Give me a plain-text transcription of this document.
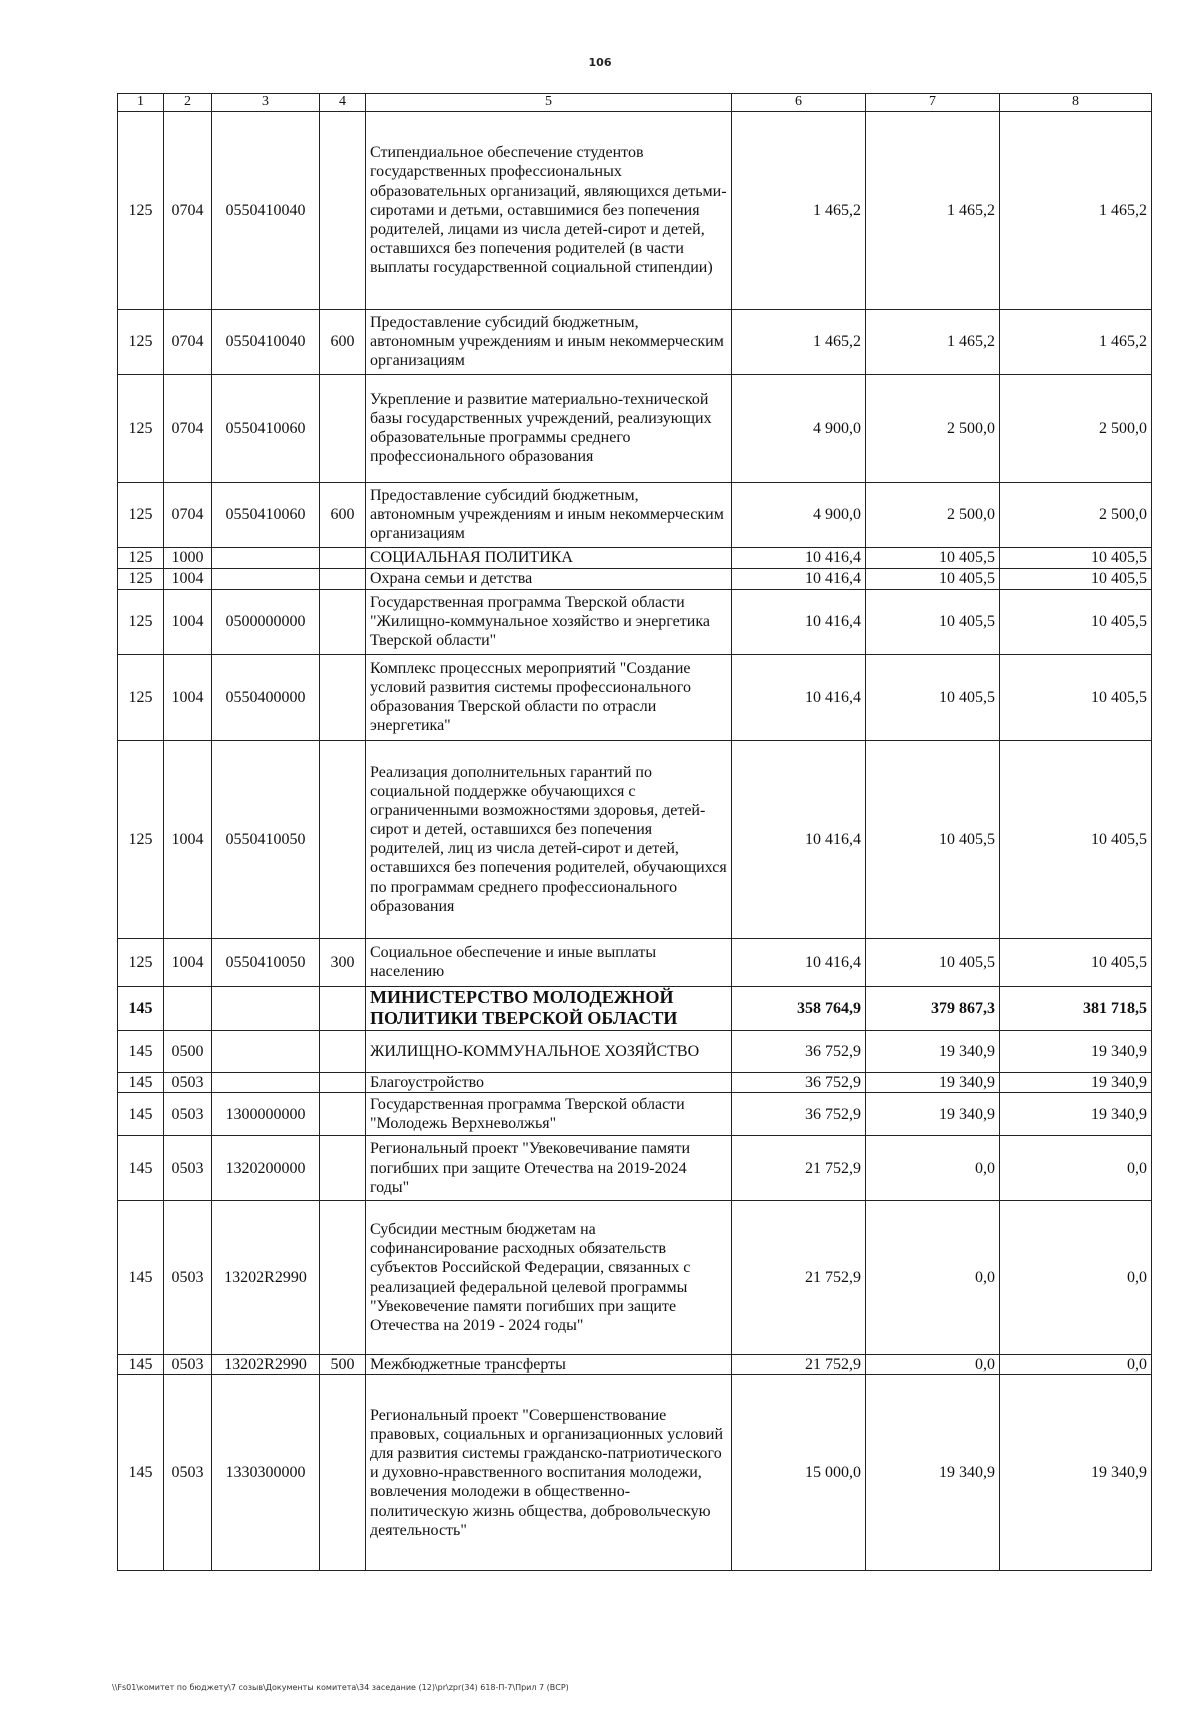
106
1	2	3	4	5	6	7	8
125	0704	0550410040		Стипендиальное обеспечение студентов государственных профессиональных образовательных организаций, являющихся детьми-сиротами и детьми, оставшимися без попечения родителей, лицами из числа детей-сирот и детей, оставшихся без попечения родителей (в части выплаты государственной социальной стипендии)	1 465,2	1 465,2	1 465,2
125	0704	0550410040	600	Предоставление субсидий бюджетным, автономным учреждениям и иным некоммерческим организациям	1 465,2	1 465,2	1 465,2
125	0704	0550410060		Укрепление и развитие материально-технической базы государственных учреждений, реализующих образовательные программы среднего профессионального образования	4 900,0	2 500,0	2 500,0
125	0704	0550410060	600	Предоставление субсидий бюджетным, автономным учреждениям и иным некоммерческим организациям	4 900,0	2 500,0	2 500,0
125	1000			СОЦИАЛЬНАЯ ПОЛИТИКА	10 416,4	10 405,5	10 405,5
125	1004			Охрана семьи и детства	10 416,4	10 405,5	10 405,5
125	1004	0500000000		Государственная программа Тверской области "Жилищно-коммунальное хозяйство и энергетика Тверской области"	10 416,4	10 405,5	10 405,5
125	1004	0550400000		Комплекс процессных мероприятий "Создание условий развития системы профессионального образования Тверской области по отрасли энергетика"	10 416,4	10 405,5	10 405,5
125	1004	0550410050		Реализация дополнительных гарантий по социальной поддержке обучающихся с ограниченными возможностями здоровья, детей-сирот и детей, оставшихся без попечения родителей, лиц из числа детей-сирот и детей, оставшихся без попечения родителей, обучающихся по программам среднего профессионального образования	10 416,4	10 405,5	10 405,5
125	1004	0550410050	300	Социальное обеспечение и иные выплаты населению	10 416,4	10 405,5	10 405,5
145				МИНИСТЕРСТВО МОЛОДЕЖНОЙ ПОЛИТИКИ ТВЕРСКОЙ ОБЛАСТИ	358 764,9	379 867,3	381 718,5
145	0500			ЖИЛИЩНО-КОММУНАЛЬНОЕ ХОЗЯЙСТВО	36 752,9	19 340,9	19 340,9
145	0503			Благоустройство	36 752,9	19 340,9	19 340,9
145	0503	1300000000		Государственная программа Тверской области "Молодежь Верхневолжья"	36 752,9	19 340,9	19 340,9
145	0503	1320200000		Региональный проект "Увековечивание памяти погибших при защите Отечества на 2019-2024 годы"	21 752,9	0,0	0,0
145	0503	13202R2990		Субсидии местным бюджетам на софинансирование расходных обязательств субъектов Российской Федерации, связанных с реализацией федеральной целевой программы "Увековечение памяти погибших при защите Отечества на 2019 - 2024 годы"	21 752,9	0,0	0,0
145	0503	13202R2990	500	Межбюджетные трансферты	21 752,9	0,0	0,0
145	0503	1330300000		Региональный проект "Совершенствование правовых, социальных и организационных условий для развития системы гражданско-патриотического и духовно-нравственного воспитания молодежи, вовлечения молодежи в общественно-политическую жизнь общества, добровольческую деятельность"	15 000,0	19 340,9	19 340,9
\\Fs01\комитет по бюджету\7 созыв\Документы комитета\34 заседание (12)\pr\zpr(34) 618-П-7\Прил 7 (ВСР)
